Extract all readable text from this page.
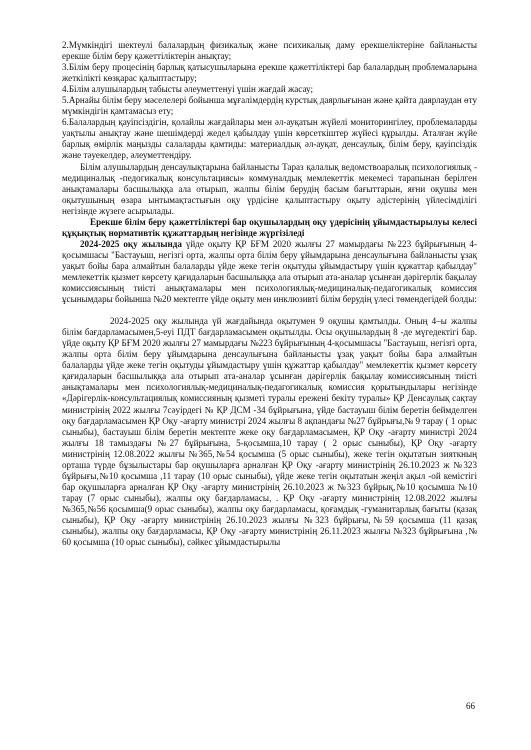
2.Мүмкіндігі шектеулі балалардың физикалық және психикалық даму ерекшеліктеріне байланысты ерекше білім беру қажеттіліктерін анықтау;

3.Білім беру процесінің барлық қатысушыларына ерекше қажеттіліктері бар балалардың проблемаларына жеткілікті көзқарас қалыптастыру;

4.Білім алушылардың табысты әлеуметтенуі үшін жағдай жасау;

5.Арнайы білім беру мәселелері бойынша мұғалімдердің курстық даярлығынан және қайта даярлаудан өту мүмкіндігін қамтамасыз ету;

6.Балалардың қауіпсіздігін, қолайлы жағдайлары мен әл-ауқатын жүйелі мониторингілеу, проблемаларды уақтылы анықтау және шешімдерді жедел қабылдау үшін көрсеткіштер жүйесі құрылды. Аталған жүйе барлық өмірлік маңызды салаларды қамтиды: материалдық әл-ауқат, денсаулық, білім беру, қауіпсіздік және тәуекелдер, әлеуметтендіру.

Білім алушылардың денсаулықтарына байланысты Тараз қалалық ведомствоаралық психологиялық - медициналық -педогикалық консультациясы» коммуналдық мемлекеттік мекемесі тарапынан берілген анықтамалары басшылыққа ала отырып, жалпы білім берудің басым бағыттарын, яғни оқушы мен оқытушының өзара ынтымақтастығын оқу үрдісіне қалыптастыру оқыту әдістерінің үйлесімділігі негізінде жүзеге асырылады.

Ерекше білім беру қажеттіліктері бар оқушылардың оқу үдерісінің ұйымдастырылуы келесі құқықтық нормативтік құжаттардың негізінде жүргізіледі

2024-2025 оқу жылында үйде оқыту ҚР БҒМ 2020 жылғы 27 мамырдағы №223 бұйрығының 4-қосымшасы "Бастауыш, негізгі орта, жалпы орта білім беру ұйымдарына денсаулығына байланысты ұзақ уақыт бойы бара алмайтын балаларды үйде жеке тегін оқытуды ұйымдастыру үшін құжаттар қабылдау" мемлекеттік қызмет көрсету қағидаларын басшылыққа ала отырып ата-аналар ұсынған дәрігерлік бақылау комиссиясының тиісті анықтамалары мен психологиялық-медициналық-педагогикалық комиссия ұсынымдары бойынша №20 мектепте үйде оқыту мен инклюзивті білім берудің үлесі төмендегідей болды:

2024-2025 оқу жылында үй жағдайында оқытумен 9 оқушы қамтылды. Оның 4–ы жалпы білім бағдарламасымен,5-еуі ПДТ бағдарламасымен оқытылды. Осы оқушылардың 8 -де мүгедектігі бар. үйде оқыту ҚР БҒМ 2020 жылғы 27 мамырдағы №223 бұйрығының 4-қосымшасы "Бастауыш, негізгі орта, жалпы орта білім беру ұйымдарына денсаулығына байланысты ұзақ уақыт бойы бара алмайтын балаларды үйде жеке тегін оқытуды ұйымдастыру үшін құжаттар қабылдау" мемлекеттік қызмет көрсету қағидаларын басшылыққа ала отырып ата-аналар ұсынған дәрігерлік бақылау комиссиясының тиісті анықтамалары мен психологиялық-медициналық-педагогикалық комиссия қорытындылары негізінде «Дәрігерлік-консультациялық комиссияның қызметі туралы ережені бекіту туралы» ҚР Денсаулық сақтау министрінің 2022 жылғы 7сәуірдегі № ҚР ДСМ -34 бұйрығына, үйде бастауыш білім беретін беймделген оқу бағдарламасымен ҚР Оқу -ағарту министрі 2024 жылғы 8 ақпандағы №27 бұйрығы,№ 9 тарау ( 1 орыс сыныбы), бастауыш білім беретін мектепте жеке оқу бағдарламасымен, ҚР Оқу -ағарту министрі 2024 жылғы 18 тамыздағы №27 бұйрығына, 5-қосымша,10 тарау ( 2 орыс сыныбы), ҚР Оқу -ағарту министрінің 12.08.2022 жылғы №365,№54 қосымша (5 орыс сыныбы), жеке тегін оқытатын зияткның орташа түрде бұзылыстары бар оқушыларға арналған ҚР Оқу -ағарту министрінің 26.10.2023 ж №323 бұйрығы,№10 қосымша ,11 тарау (10 орыс сыныбы), үйде жеке тегін оқытатын жеңіл ақыл -ой кемістігі бар оқушыларға арналған ҚР Оқу -ағарту министрінің 26.10.2023 ж №323 бұйрық,№10 қосымша №10 тарау (7 орыс сыныбы), жалпы оқу бағдарламасы, . ҚР Оқу -ағарту министрінің 12.08.2022 жылғы №365,№56 қосымша(9 орыс сыныбы), жалпы оқу бағдарламасы, қоғамдық -гуманитарлық бағыты (қазақ сыныбы), ҚР Оқу -ағарту министрінің 26.10.2023 жылғы №323 бұйрығы,№59 қосымша (11 қазақ сыныбы), жалпы оқу бағдарламасы, ҚР Оқу -ағарту министрінің 26.11.2023 жылғы №323 бұйрығына ,№ 60 қосымша (10 орыс сыныбы), сәйкес ұйымдастырылы

66
